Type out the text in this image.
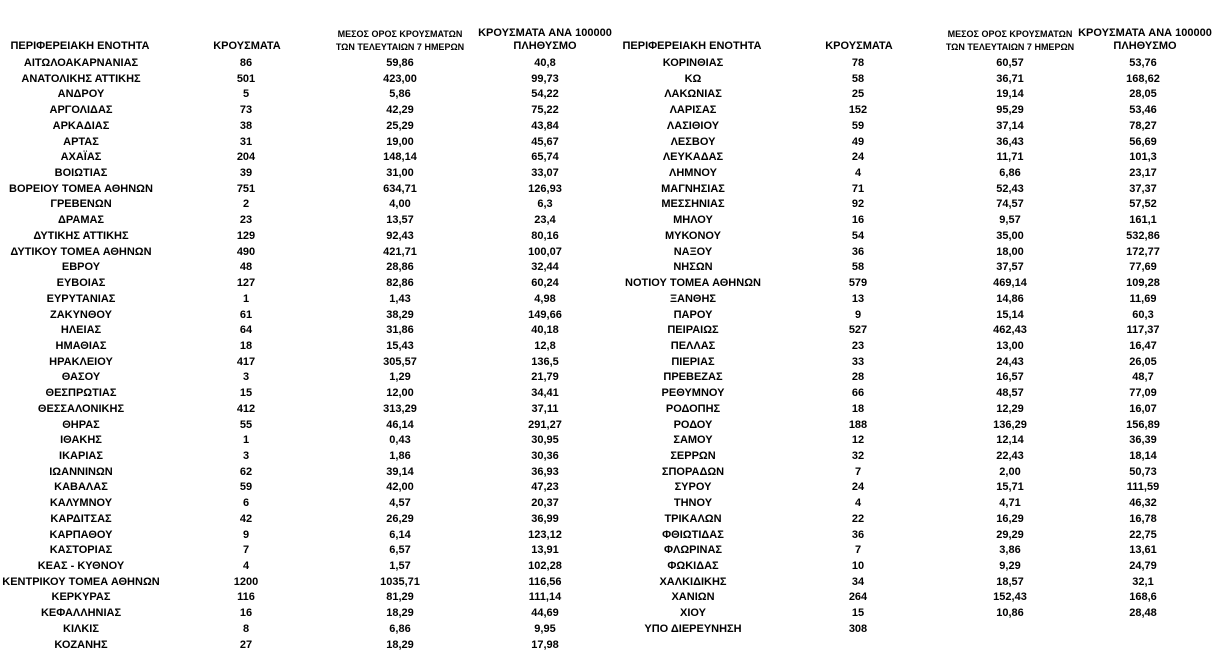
ΠΕΡΙΦΕΡΕΙΑΚΗ ΕΝΟΤΗΤΑ	ΚΡΟΥΣΜΑΤΑ
ΜΕΣΟΣ ΟΡΟΣ ΚΡΟΥΣΜΑΤΩΝ
ΤΩΝ ΤΕΛΕΥΤΑΙΩΝ 7 ΗΜΕΡΩΝ
ΚΡΟΥΣΜΑΤΑ ΑΝΑ 100000
ΠΛΗΘΥΣΜΟ
ΑΙΤΩΛΟΑΚΑΡΝΑΝΙΑΣ	86	59,86	40,8
ΑΝΑΤΟΛΙΚΗΣ ΑΤΤΙΚΗΣ	501	423,00	99,73
ΑΝΔΡΟΥ	5	5,86	54,22
ΑΡΓΟΛΙΔΑΣ	73	42,29	75,22
ΑΡΚΑΔΙΑΣ	38	25,29	43,84
ΑΡΤΑΣ	31	19,00	45,67
ΑΧΑΪΑΣ	204	148,14	65,74
ΒΟΙΩΤΙΑΣ	39	31,00	33,07
ΒΟΡΕΙΟΥ ΤΟΜΕΑ ΑΘΗΝΩΝ	751	634,71	126,93
ΓΡΕΒΕΝΩΝ	2	4,00	6,3
ΔΡΑΜΑΣ	23	13,57	23,4
ΔΥΤΙΚΗΣ ΑΤΤΙΚΗΣ	129	92,43	80,16
ΔΥΤΙΚΟΥ ΤΟΜΕΑ ΑΘΗΝΩΝ	490	421,71	100,07
ΕΒΡΟΥ	48	28,86	32,44
ΕΥΒΟΙΑΣ	127	82,86	60,24
ΕΥΡΥΤΑΝΙΑΣ	1	1,43	4,98
ΖΑΚΥΝΘΟΥ	61	38,29	149,66
ΗΛΕΙΑΣ	64	31,86	40,18
ΗΜΑΘΙΑΣ	18	15,43	12,8
ΗΡΑΚΛΕΙΟΥ	417	305,57	136,5
ΘΑΣΟΥ	3	1,29	21,79
ΘΕΣΠΡΩΤΙΑΣ	15	12,00	34,41
ΘΕΣΣΑΛΟΝΙΚΗΣ	412	313,29	37,11
ΘΗΡΑΣ	55	46,14	291,27
ΙΘΑΚΗΣ	1	0,43	30,95
ΙΚΑΡΙΑΣ	3	1,86	30,36
ΙΩΑΝΝΙΝΩΝ	62	39,14	36,93
ΚΑΒΑΛΑΣ	59	42,00	47,23
ΚΑΛΥΜΝΟΥ	6	4,57	20,37
ΚΑΡΔΙΤΣΑΣ	42	26,29	36,99
ΚΑΡΠΑΘΟΥ	9	6,14	123,12
ΚΑΣΤΟΡΙΑΣ	7	6,57	13,91
ΚΕΑΣ - ΚΥΘΝΟΥ	4	1,57	102,28
ΚΕΝΤΡΙΚΟΥ ΤΟΜΕΑ ΑΘΗΝΩΝ	1200	1035,71	116,56
ΚΕΡΚΥΡΑΣ	116	81,29	111,14
ΚΕΦΑΛΛΗΝΙΑΣ	16	18,29	44,69
ΚΙΛΚΙΣ	8	6,86	9,95
ΚΟΖΑΝΗΣ	27	18,29	17,98
ΠΕΡΙΦΕΡΕΙΑΚΗ ΕΝΟΤΗΤΑ	ΚΡΟΥΣΜΑΤΑ
ΜΕΣΟΣ ΟΡΟΣ ΚΡΟΥΣΜΑΤΩΝ
ΤΩΝ ΤΕΛΕΥΤΑΙΩΝ 7 ΗΜΕΡΩΝ
ΚΡΟΥΣΜΑΤΑ ΑΝΑ 100000
ΠΛΗΘΥΣΜΟ
ΚΟΡΙΝΘΙΑΣ	78	60,57	53,76
ΚΩ	58	36,71	168,62
ΛΑΚΩΝΙΑΣ	25	19,14	28,05
ΛΑΡΙΣΑΣ	152	95,29	53,46
ΛΑΣΙΘΙΟΥ	59	37,14	78,27
ΛΕΣΒΟΥ	49	36,43	56,69
ΛΕΥΚΑΔΑΣ	24	11,71	101,3
ΛΗΜΝΟΥ	4	6,86	23,17
ΜΑΓΝΗΣΙΑΣ	71	52,43	37,37
ΜΕΣΣΗΝΙΑΣ	92	74,57	57,52
ΜΗΛΟΥ	16	9,57	161,1
ΜΥΚΟΝΟΥ	54	35,00	532,86
ΝΑΞΟΥ	36	18,00	172,77
ΝΗΣΩΝ	58	37,57	77,69
ΝΟΤΙΟΥ ΤΟΜΕΑ ΑΘΗΝΩΝ	579	469,14	109,28
ΞΑΝΘΗΣ	13	14,86	11,69
ΠΑΡΟΥ	9	15,14	60,3
ΠΕΙΡΑΙΩΣ	527	462,43	117,37
ΠΕΛΛΑΣ	23	13,00	16,47
ΠΙΕΡΙΑΣ	33	24,43	26,05
ΠΡΕΒΕΖΑΣ	28	16,57	48,7
ΡΕΘΥΜΝΟΥ	66	48,57	77,09
ΡΟΔΟΠΗΣ	18	12,29	16,07
ΡΟΔΟΥ	188	136,29	156,89
ΣΑΜΟΥ	12	12,14	36,39
ΣΕΡΡΩΝ	32	22,43	18,14
ΣΠΟΡΑΔΩΝ	7	2,00	50,73
ΣΥΡΟΥ	24	15,71	111,59
ΤΗΝΟΥ	4	4,71	46,32
ΤΡΙΚΑΛΩΝ	22	16,29	16,78
ΦΘΙΩΤΙΔΑΣ	36	29,29	22,75
ΦΛΩΡΙΝΑΣ	7	3,86	13,61
ΦΩΚΙΔΑΣ	10	9,29	24,79
ΧΑΛΚΙΔΙΚΗΣ	34	18,57	32,1
ΧΑΝΙΩΝ	264	152,43	168,6
ΧΙΟΥ	15	10,86	28,48
ΥΠΟ ΔΙΕΡΕΥΝΗΣΗ	308
